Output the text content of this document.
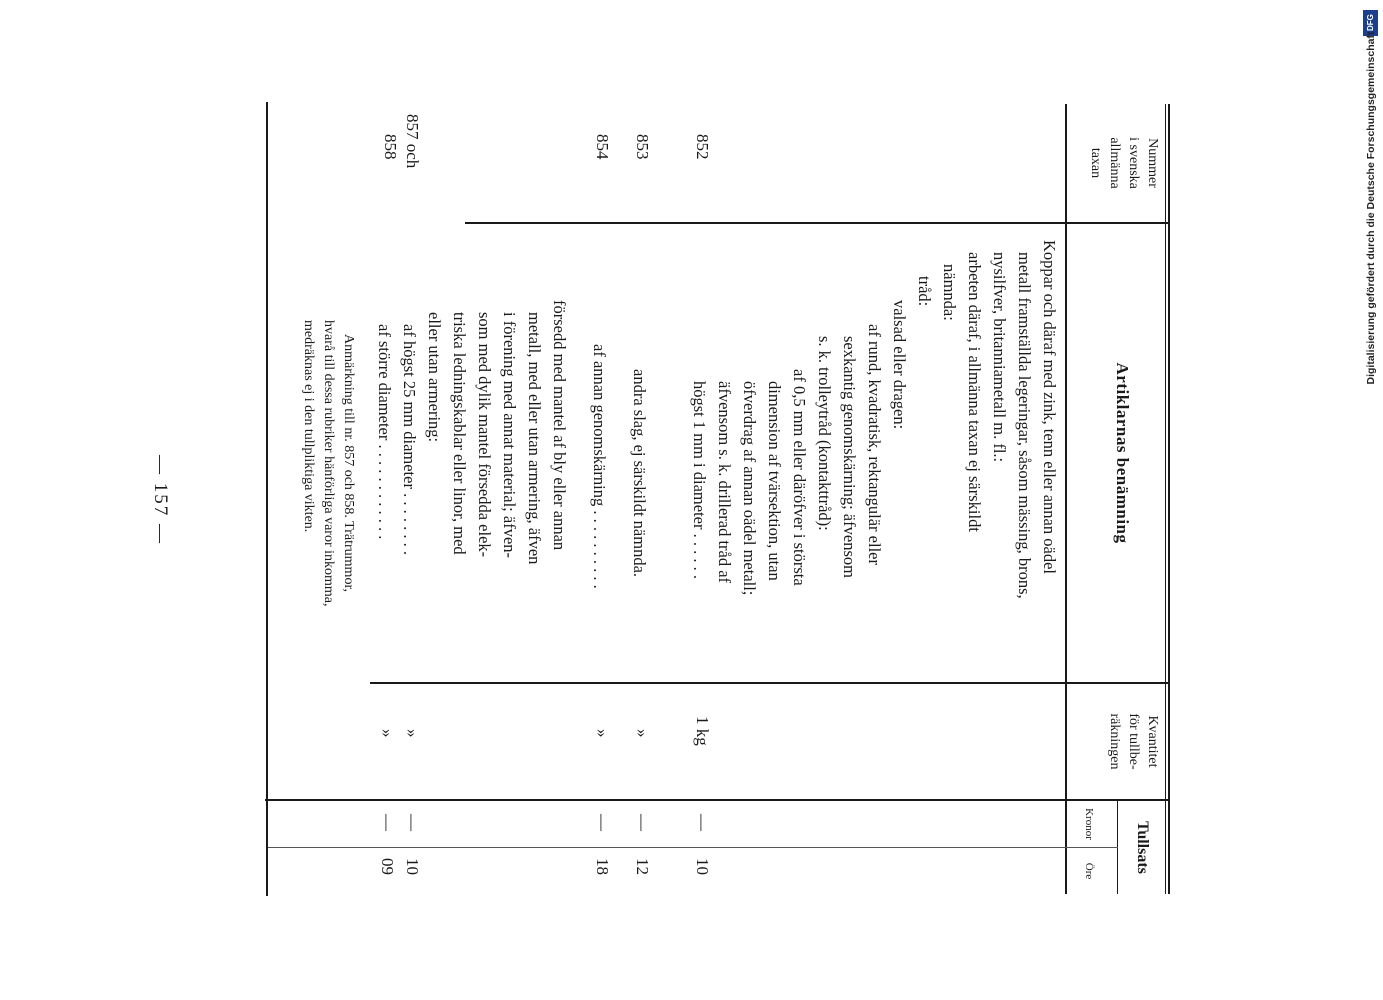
— 157 —
DFG
Digitalisierung gefördert durch die Deutsche Forschungsgemeinschaft
Nummer
i svenska
allmänna
taxan
Artiklarnas benämning
Kvantitet
för tullbe-
räkningen
Tullsats
Kronor
Öre
Koppar och däraf med zink, tenn eller annan oädel
metall framställda legeringar, såsom mässing, brons,
nysilfver, britanniametall m. fl.:
arbeten däraf, i allmänna taxan ej särskildt
nämnda:
tråd:
valsad eller dragen:
af rund, kvadratisk, rektangulär eller
sexkantig genomskärning; äfvensom
s. k. trolleytråd (kontakttråd):
af 0,5 mm eller däröfver i största
dimension af tvärsektion, utan
öfverdrag af annan oädel metall;
äfvensom s. k. drillerad tråd af
högst 1 mm i diameter . . . . . .
852
1 kg
—
10
andra slag, ej särskildt nämnda.
853
»
—
12
af annan genomskärning . . . . . . . . . .
854
»
—
18
försedd med mantel af bly eller annan
metall, med eller utan armering, äfven
i förening med annat material; äfven-
som med dylik mantel försedda elek-
triska ledningskablar eller linor, med
eller utan armering:
af högst 25 mm diameter . . . . . . . .
857 och
858
»
—
10
af större diameter . . . . . . . . . . . .
»
—
09
Anmärkning till nr. 857 och 858. Trätrummor,
hvarå till dessa rubriker hänförliga varor inkomma,
medräknas ej i den tullpliktiga vikten.
